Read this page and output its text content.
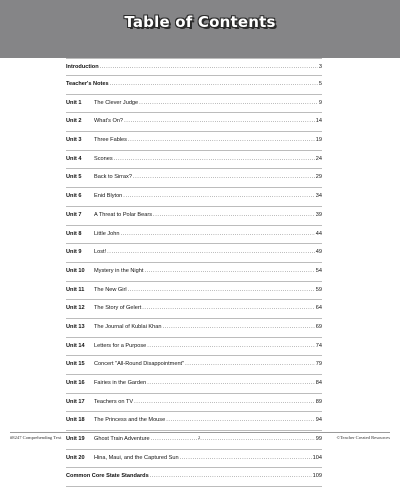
Table of Contents
Introduction .....	3
Teacher's Notes .....	5
Unit 1	The Clever Judge .....	9
Unit 2	What's On? .....	14
Unit 3	Three Fables .....	19
Unit 4	Scones .....	24
Unit 5	Back to Sirrax? .....	29
Unit 6	Enid Blyton .....	34
Unit 7	A Threat to Polar Bears .....	39
Unit 8	Little John .....	44
Unit 9	Lost! .....	49
Unit 10	Mystery in the Night .....	54
Unit 11	The New Girl .....	59
Unit 12	The Story of Gelert .....	64
Unit 13	The Journal of Kublai Khan .....	69
Unit 14	Letters for a Purpose .....	74
Unit 15	Concert "All-Round Disappointment" .....	79
Unit 16	Fairies in the Garden .....	84
Unit 17	Teachers on TV .....	89
Unit 18	The Princess and the Mouse .....	94
Unit 19	Ghost Train Adventure .....	99
Unit 20	Hina, Maui, and the Captured Sun .....	104
Common Core State Standards .....	109
#8247 Comprehending Text	2	©Teacher Created Resources
